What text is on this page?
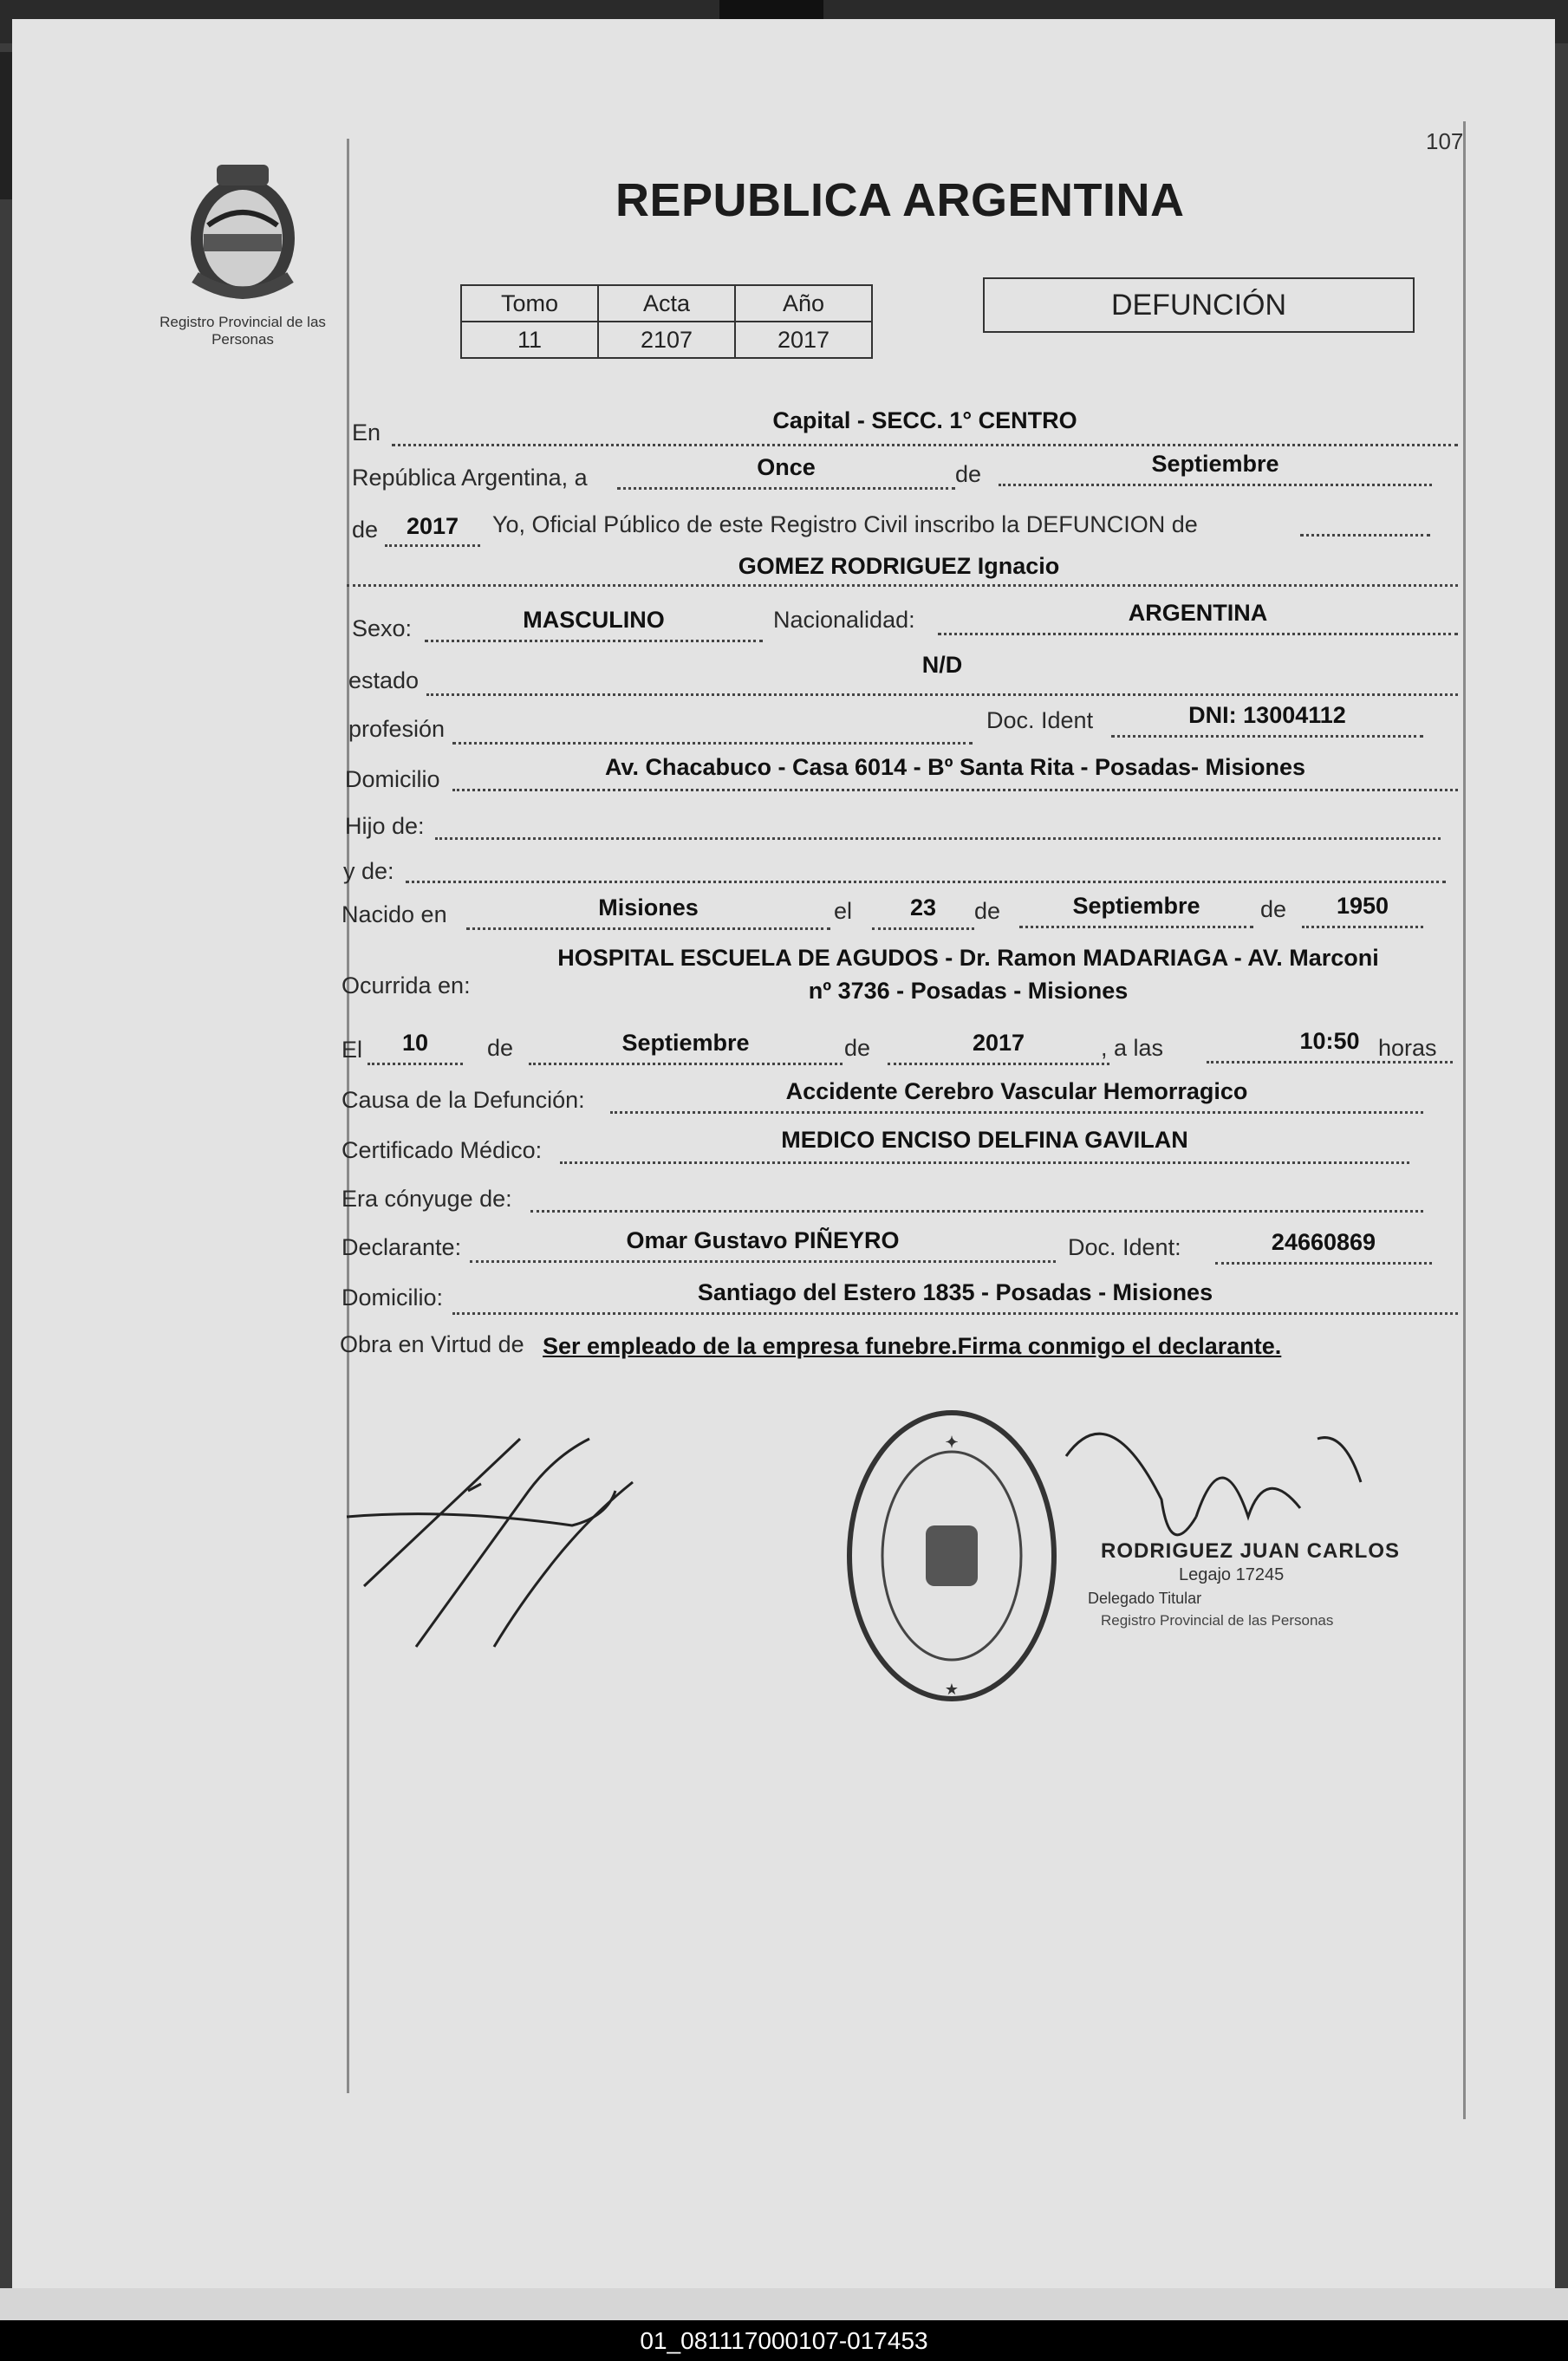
107
Registro Provincial de las Personas
REPUBLICA ARGENTINA
Tomo	Acta	Año
11	2107	2017
DEFUNCIÓN
En	Capital - SECC. 1° CENTRO
República Argentina, a	Once	de	Septiembre
de	2017	Yo, Oficial Público de este Registro Civil inscribo la DEFUNCION de
GOMEZ RODRIGUEZ Ignacio
Sexo:	MASCULINO	Nacionalidad:	ARGENTINA
estado
N/D
profesión	Doc. Ident	DNI: 13004112
Domicilio	Av. Chacabuco - Casa 6014 - Bº Santa Rita - Posadas- Misiones
Hijo de:
y de:
Nacido en	Misiones	el	23	de	Septiembre	de	1950
Ocurrida en:
HOSPITAL ESCUELA DE AGUDOS - Dr. Ramon MADARIAGA - AV. Marconi
nº 3736 - Posadas - Misiones
El	10	de	Septiembre	de	2017	, a las	10:50 horas
Causa de la Defunción:	Accidente Cerebro Vascular Hemorragico
Certificado Médico:	MEDICO ENCISO DELFINA GAVILAN
Era cónyuge de:
Declarante:	Omar Gustavo PIÑEYRO	Doc. Ident:	24660869
Domicilio:	Santiago del Estero 1835 - Posadas - Misiones
Obra en Virtud de Ser empleado de la empresa funebre.Firma conmigo el declarante.
✦
★
RODRIGUEZ JUAN CARLOS
Legajo 17245
Delegado Titular
Registro Provincial de las Personas
01_081117000107-017453
